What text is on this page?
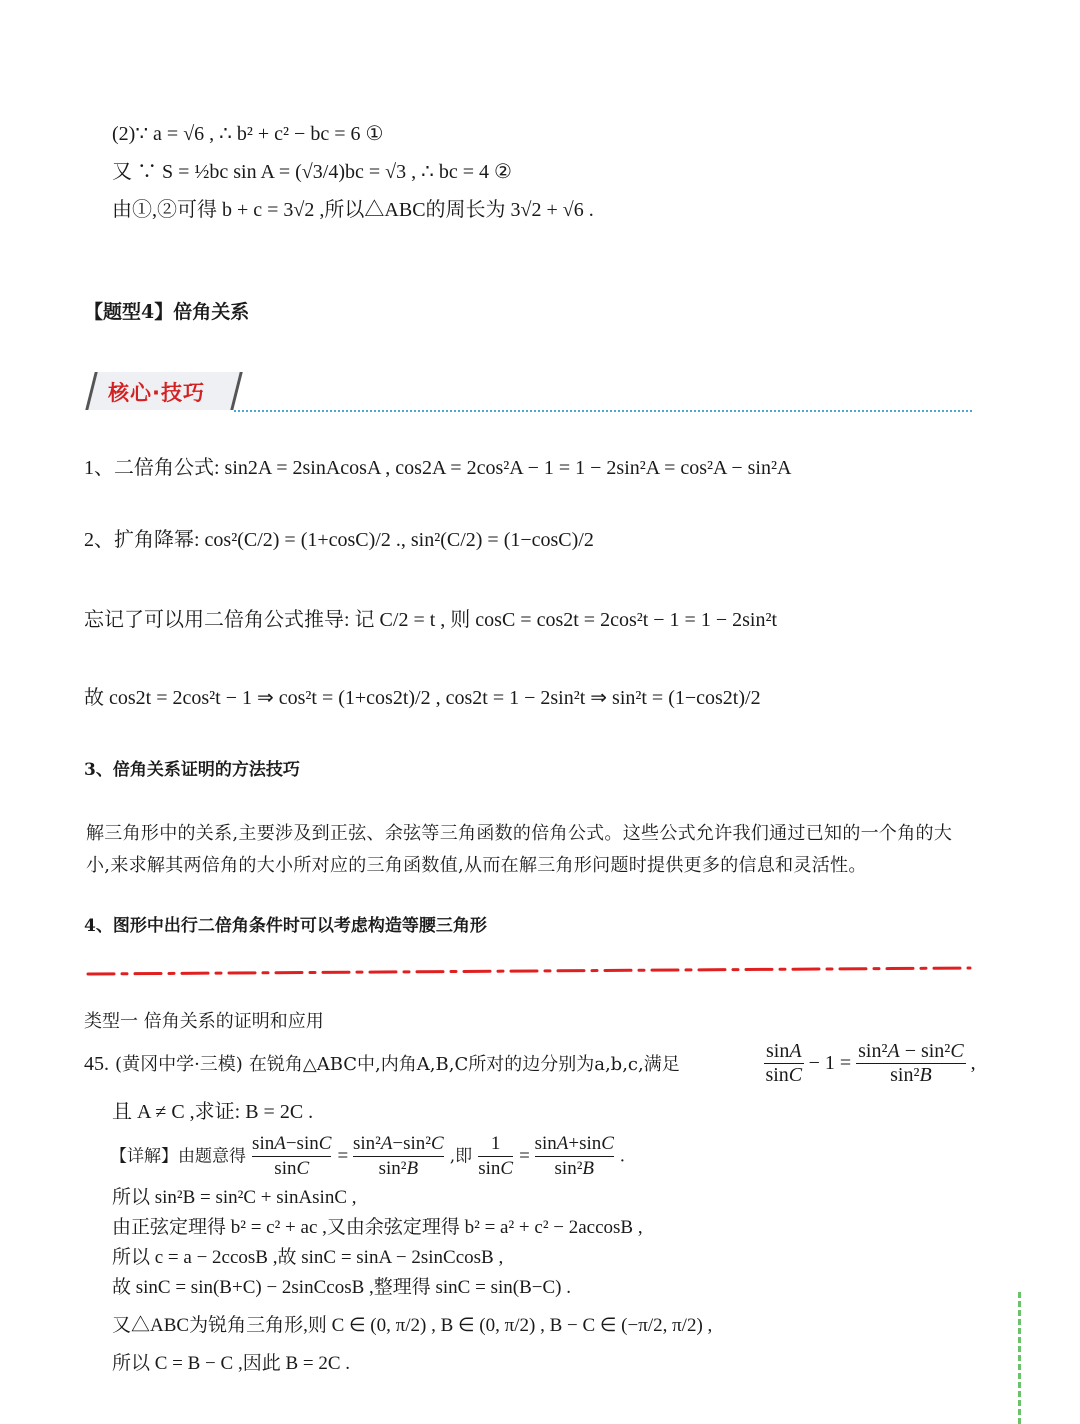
(2)∵ a = √6 , ∴ b² + c² − bc = 6 ①
又 ∵ S = ½bc sin A = (√3/4)bc = √3 , ∴ bc = 4 ②
由①,②可得 b + c = 3√2 ,所以△ABC的周长为 3√2 + √6 .
【题型4】倍角关系
核心·技巧
1、二倍角公式: sin2A = 2sinAcosA , cos2A = 2cos²A − 1 = 1 − 2sin²A = cos²A − sin²A
2、扩角降幂: cos²(C/2) = (1+cosC)/2 ., sin²(C/2) = (1−cosC)/2
忘记了可以用二倍角公式推导: 记 C/2 = t , 则 cosC = cos2t = 2cos²t − 1 = 1 − 2sin²t
故 cos2t = 2cos²t − 1 ⇒ cos²t = (1+cos2t)/2 , cos2t = 1 − 2sin²t ⇒ sin²t = (1−cos2t)/2
3、倍角关系证明的方法技巧
解三角形中的关系,主要涉及到正弦、余弦等三角函数的倍角公式。这些公式允许我们通过已知的一个角的大
小,来求解其两倍角的大小所对应的三角函数值,从而在解三角形问题时提供更多的信息和灵活性。
4、图形中出行二倍角条件时可以考虑构造等腰三角形
类型一 倍角关系的证明和应用
45. (黄冈中学·三模) 在锐角△ABC中,内角A,B,C所对的边分别为a,b,c,满足	$\frac{\sin A}{\sin C} - 1 = \frac{\text{sin²A − sin²C}}{\text{sin²B}}$ ,
且 A ≠ C ,求证: B = 2C .
【详解】由题意得 $\frac{\sin A-\sin C}{\sin C} = \frac{\text{sin²A−sin²C}}{\text{sin²B}}$ ,即 $\frac{1}{\sin C} = \frac{\sin A+\sin C}{\text{sin²B}}$ .
所以 sin²B = sin²C + sinAsinC ,
由正弦定理得 b² = c² + ac ,又由余弦定理得 b² = a² + c² − 2accosB ,
所以 c = a − 2ccosB ,故 sinC = sinA − 2sinCcosB ,
故 sinC = sin(B+C) − 2sinCcosB ,整理得 sinC = sin(B−C) .
又△ABC为锐角三角形,则 C ∈ (0, π/2) , B ∈ (0, π/2) , B − C ∈ (−π/2, π/2) ,
所以 C = B − C ,因此 B = 2C .
